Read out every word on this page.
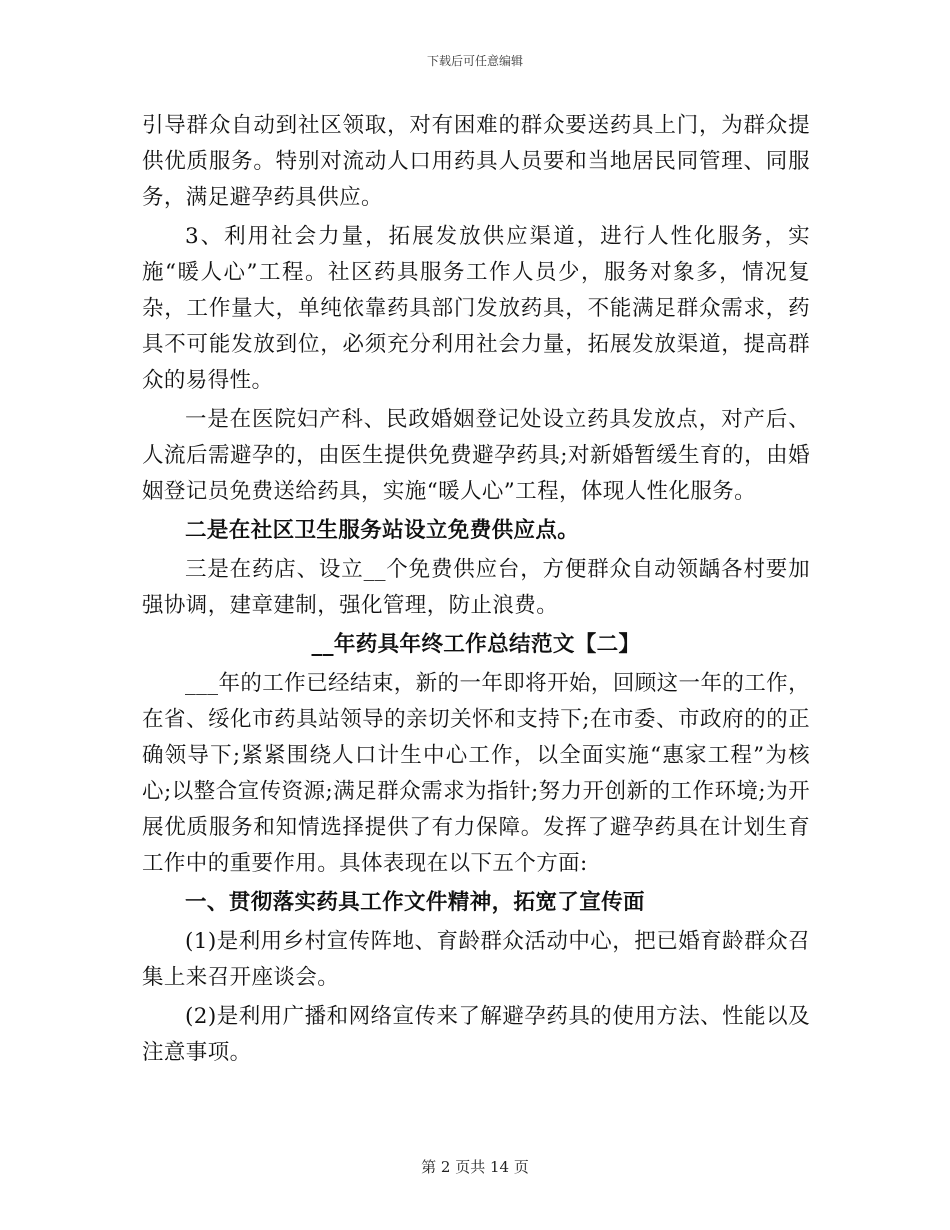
下载后可任意编辑

引导群众自动到社区领取，对有困难的群众要送药具上门，为群众提供优质服务。特别对流动人口用药具人员要和当地居民同管理、同服务，满足避孕药具供应。

3、利用社会力量，拓展发放供应渠道，进行人性化服务，实施“暖人心”工程。社区药具服务工作人员少，服务对象多，情况复杂，工作量大，单纯依靠药具部门发放药具，不能满足群众需求，药具不可能发放到位，必须充分利用社会力量，拓展发放渠道，提高群众的易得性。

一是在医院妇产科、民政婚姻登记处设立药具发放点，对产后、人流后需避孕的，由医生提供免费避孕药具;对新婚暂缓生育的，由婚姻登记员免费送给药具，实施“暖人心”工程，体现人性化服务。

二是在社区卫生服务站设立免费供应点。

三是在药店、设立__个免费供应台，方便群众自动领龋各村要加强协调，建章建制，强化管理，防止浪费。

__年药具年终工作总结范文【二】

___年的工作已经结束，新的一年即将开始，回顾这一年的工作，在省、绥化市药具站领导的亲切关怀和支持下;在市委、市政府的的正确领导下;紧紧围绕人口计生中心工作，以全面实施“惠家工程”为核心;以整合宣传资源;满足群众需求为指针;努力开创新的工作环境;为开展优质服务和知情选择提供了有力保障。发挥了避孕药具在计划生育工作中的重要作用。具体表现在以下五个方面:

一、贯彻落实药具工作文件精神，拓宽了宣传面

(1)是利用乡村宣传阵地、育龄群众活动中心，把已婚育龄群众召集上来召开座谈会。

(2)是利用广播和网络宣传来了解避孕药具的使用方法、性能以及注意事项。

第 2 页共 14 页
